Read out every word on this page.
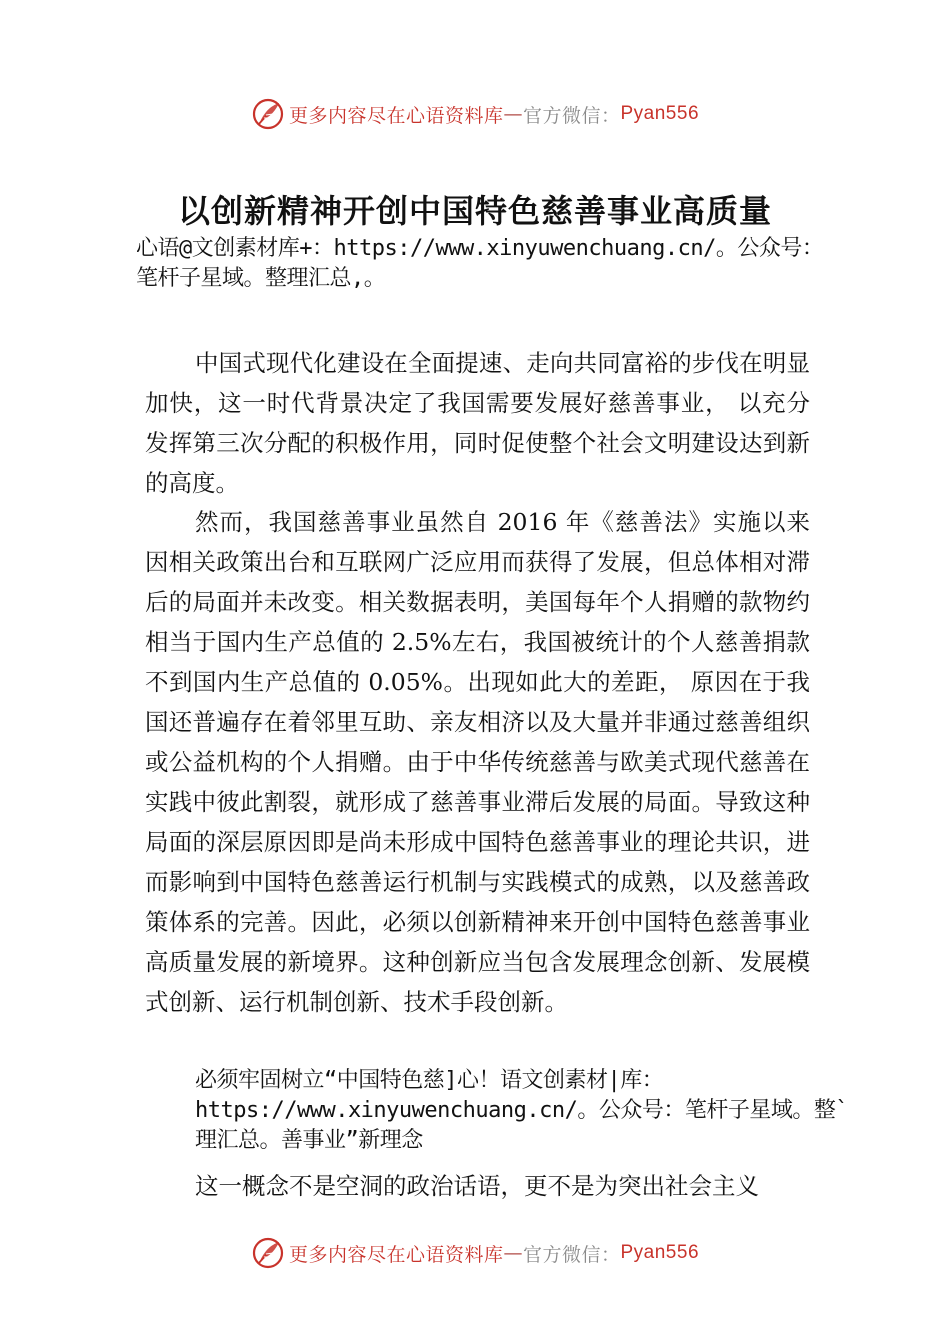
更多内容尽在心语资料库 — 官方微信： Pyan556
以创新精神开创中国特色慈善事业高质量
心语@文创素材库+：https://www.xinyuwenchuang.cn/。公众号：笔杆子星域。整理汇总,。

中国式现代化建设在全面提速、走向共同富裕的步伐在明显加快，这一时代背景决定了我国需要发展好慈善事业， 以充分发挥第三次分配的积极作用，同时促使整个社会文明建设达到新的高度。

然而，我国慈善事业虽然自 2016 年《慈善法》实施以来因相关政策出台和互联网广泛应用而获得了发展，但总体相对滞后的局面并未改变。相关数据表明，美国每年个人捐赠的款物约相当于国内生产总值的 2.5%左右，我国被统计的个人慈善捐款不到国内生产总值的 0.05%。出现如此大的差距， 原因在于我国还普遍存在着邻里互助、亲友相济以及大量并非通过慈善组织或公益机构的个人捐赠。由于中华传统慈善与欧美式现代慈善在实践中彼此割裂，就形成了慈善事业滞后发展的局面。导致这种局面的深层原因即是尚未形成中国特色慈善事业的理论共识，进而影响到中国特色慈善运行机制与实践模式的成熟，以及慈善政策体系的完善。因此，必须以创新精神来开创中国特色慈善事业高质量发展的新境界。这种创新应当包含发展理念创新、发展模式创新、运行机制创新、技术手段创新。

必须牢固树立“中国特色慈]心！语文创素材|库：https://www.xinyuwenchuang.cn/。公众号：笔杆子星域。整`理汇总。善事业”新理念

这一概念不是空洞的政治话语，更不是为突出社会主义

更多内容尽在心语资料库 — 官方微信： Pyan556
